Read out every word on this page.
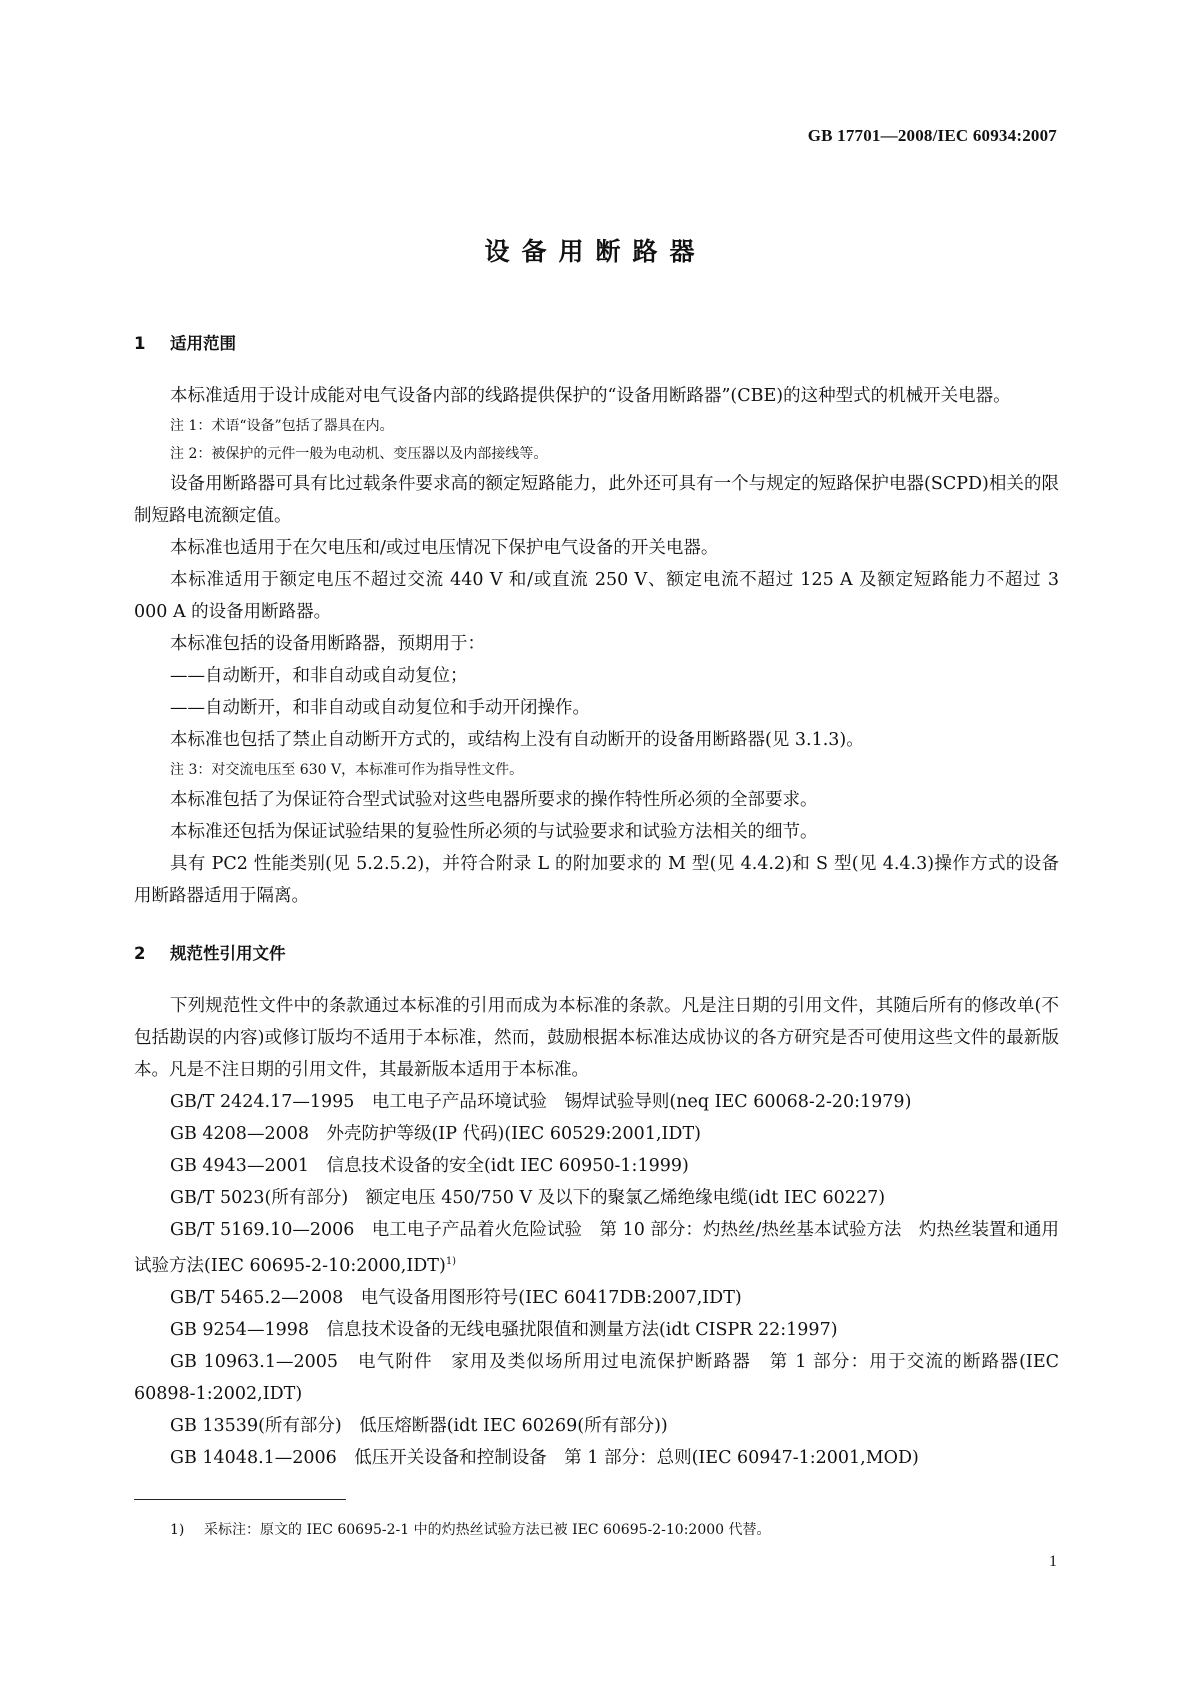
GB 17701—2008/IEC 60934:2007
设备用断路器
1 适用范围

本标准适用于设计成能对电气设备内部的线路提供保护的“设备用断路器”(CBE)的这种型式的机械开关电器。

注 1：术语“设备”包括了器具在内。

注 2：被保护的元件一般为电动机、变压器以及内部接线等。

设备用断路器可具有比过载条件要求高的额定短路能力，此外还可具有一个与规定的短路保护电器(SCPD)相关的限制短路电流额定值。

本标准也适用于在欠电压和/或过电压情况下保护电气设备的开关电器。

本标准适用于额定电压不超过交流 440 V 和/或直流 250 V、额定电流不超过 125 A 及额定短路能力不超过 3 000 A 的设备用断路器。

本标准包括的设备用断路器，预期用于：

——自动断开，和非自动或自动复位；

——自动断开，和非自动或自动复位和手动开闭操作。

本标准也包括了禁止自动断开方式的，或结构上没有自动断开的设备用断路器(见 3.1.3)。

注 3：对交流电压至 630 V，本标准可作为指导性文件。

本标准包括了为保证符合型式试验对这些电器所要求的操作特性所必须的全部要求。

本标准还包括为保证试验结果的复验性所必须的与试验要求和试验方法相关的细节。

具有 PC2 性能类别(见 5.2.5.2)，并符合附录 L 的附加要求的 M 型(见 4.4.2)和 S 型(见 4.4.3)操作方式的设备用断路器适用于隔离。

2 规范性引用文件

下列规范性文件中的条款通过本标准的引用而成为本标准的条款。凡是注日期的引用文件，其随后所有的修改单(不包括勘误的内容)或修订版均不适用于本标准，然而，鼓励根据本标准达成协议的各方研究是否可使用这些文件的最新版本。凡是不注日期的引用文件，其最新版本适用于本标准。

GB/T 2424.17—1995　电工电子产品环境试验　锡焊试验导则(neq IEC 60068-2-20:1979)

GB 4208—2008　外壳防护等级(IP 代码)(IEC 60529:2001,IDT)

GB 4943—2001　信息技术设备的安全(idt IEC 60950-1:1999)

GB/T 5023(所有部分)　额定电压 450/750 V 及以下的聚氯乙烯绝缘电缆(idt IEC 60227)

GB/T 5169.10—2006　电工电子产品着火危险试验　第 10 部分：灼热丝/热丝基本试验方法　灼热丝装置和通用试验方法(IEC 60695-2-10:2000,IDT)$^{1)}$

GB/T 5465.2—2008　电气设备用图形符号(IEC 60417DB:2007,IDT)

GB 9254—1998　信息技术设备的无线电骚扰限值和测量方法(idt CISPR 22:1997)

GB 10963.1—2005　电气附件　家用及类似场所用过电流保护断路器　第 1 部分：用于交流的断路器(IEC 60898-1:2002,IDT)

GB 13539(所有部分)　低压熔断器(idt IEC 60269(所有部分))

GB 14048.1—2006　低压开关设备和控制设备　第 1 部分：总则(IEC 60947-1:2001,MOD)

1) 采标注：原文的 IEC 60695-2-1 中的灼热丝试验方法已被 IEC 60695-2-10:2000 代替。
1
